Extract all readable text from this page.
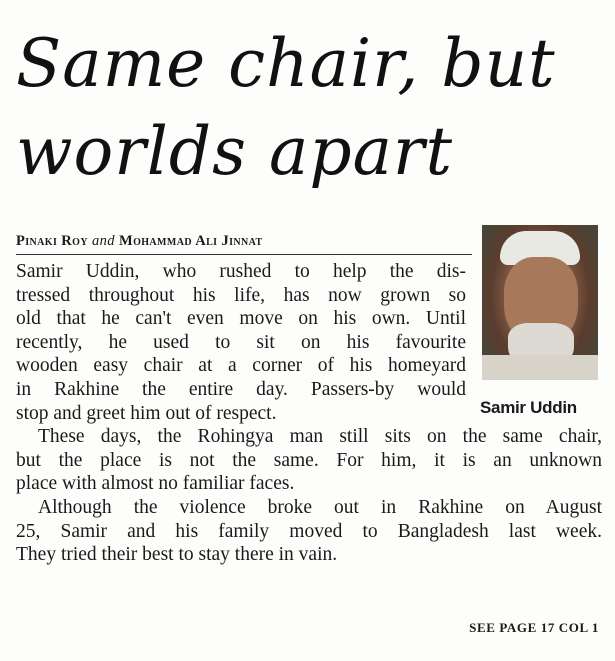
Same chair, but
worlds apart
Pinaki Roy and Mohammad Ali Jinnat
Samir Uddin
Samir Uddin, who rushed to help the dis-
tressed throughout his life, has now grown so
old that he can't even move on his own. Until
recently, he used to sit on his favourite
wooden easy chair at a corner of his homeyard
in Rakhine the entire day. Passers-by would
stop and greet him out of respect.
These days, the Rohingya man still sits on the same chair,
but the place is not the same. For him, it is an unknown
place with almost no familiar faces.
Although the violence broke out in Rakhine on August
25, Samir and his family moved to Bangladesh last week.
They tried their best to stay there in vain.
SEE PAGE 17 COL 1
